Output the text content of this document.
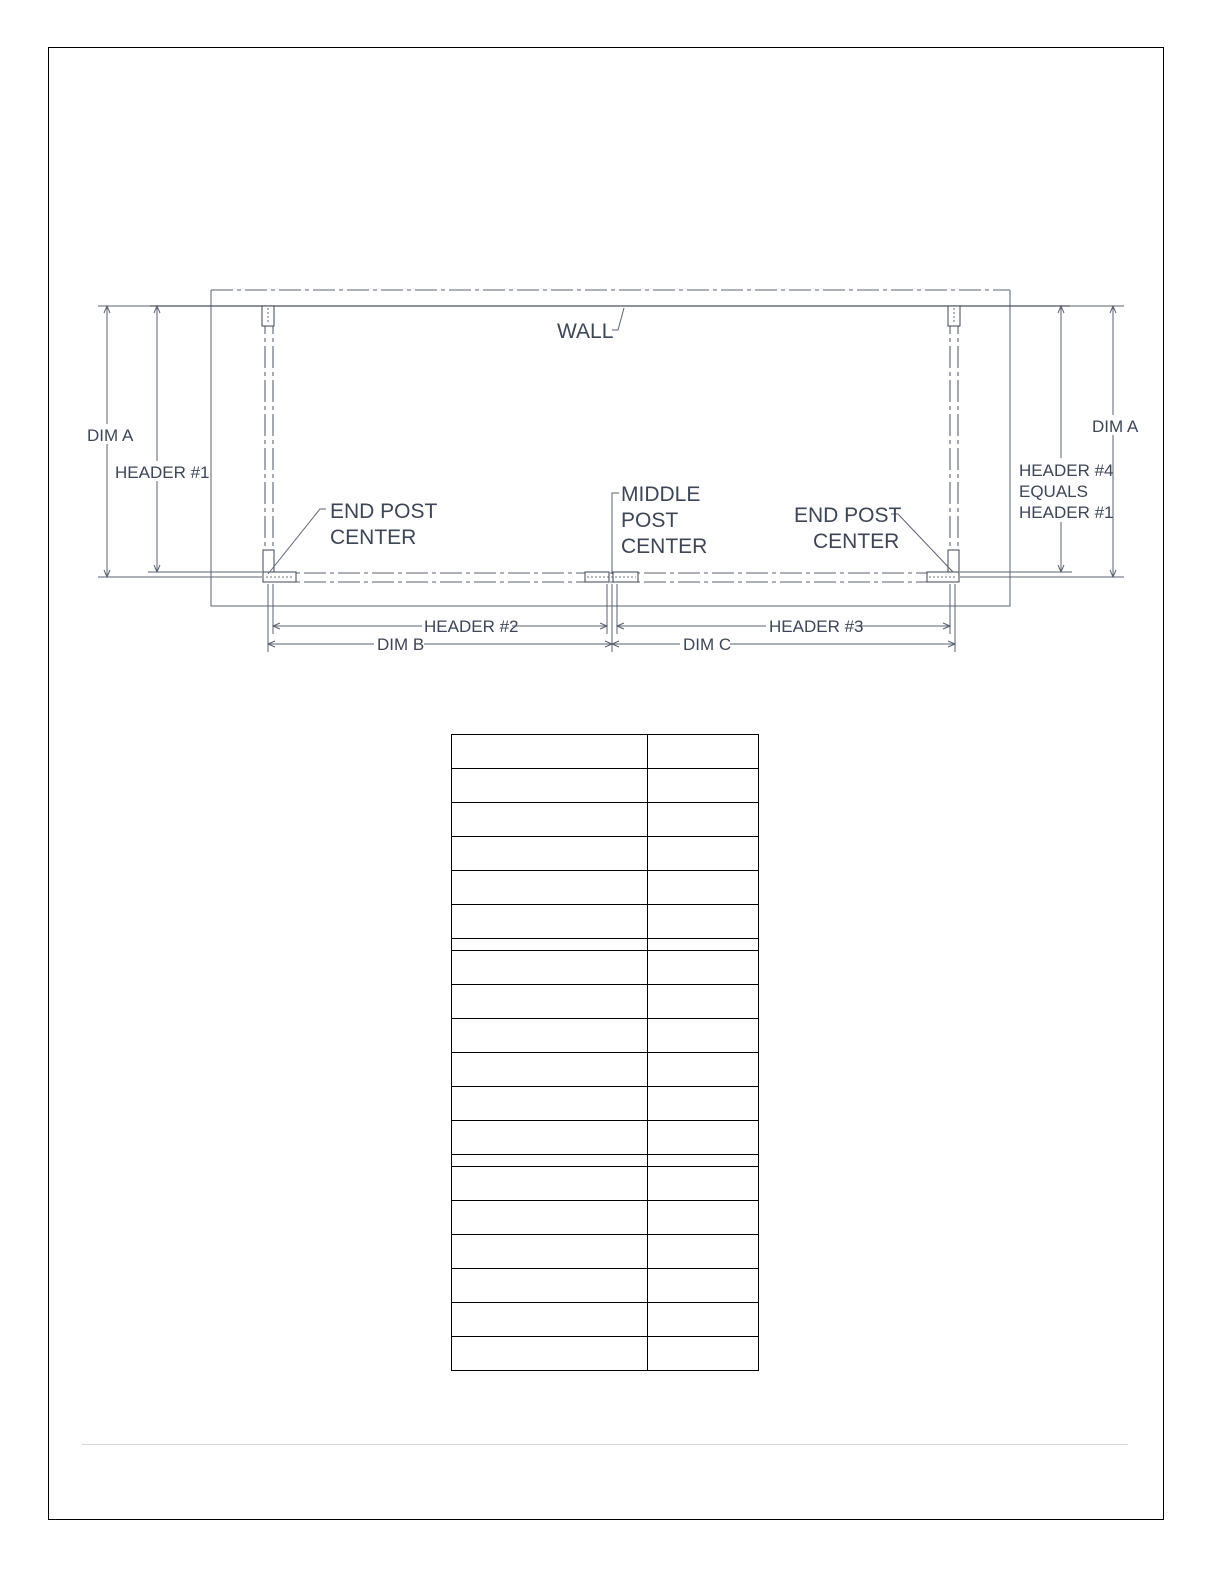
WALL
DIM A
HEADER #1
DIM A
HEADER #4
EQUALS
HEADER #1
END POST
CENTER
MIDDLE
POST
CENTER
END POST
CENTER
HEADER #2	HEADER #3
DIM B	DIM C
